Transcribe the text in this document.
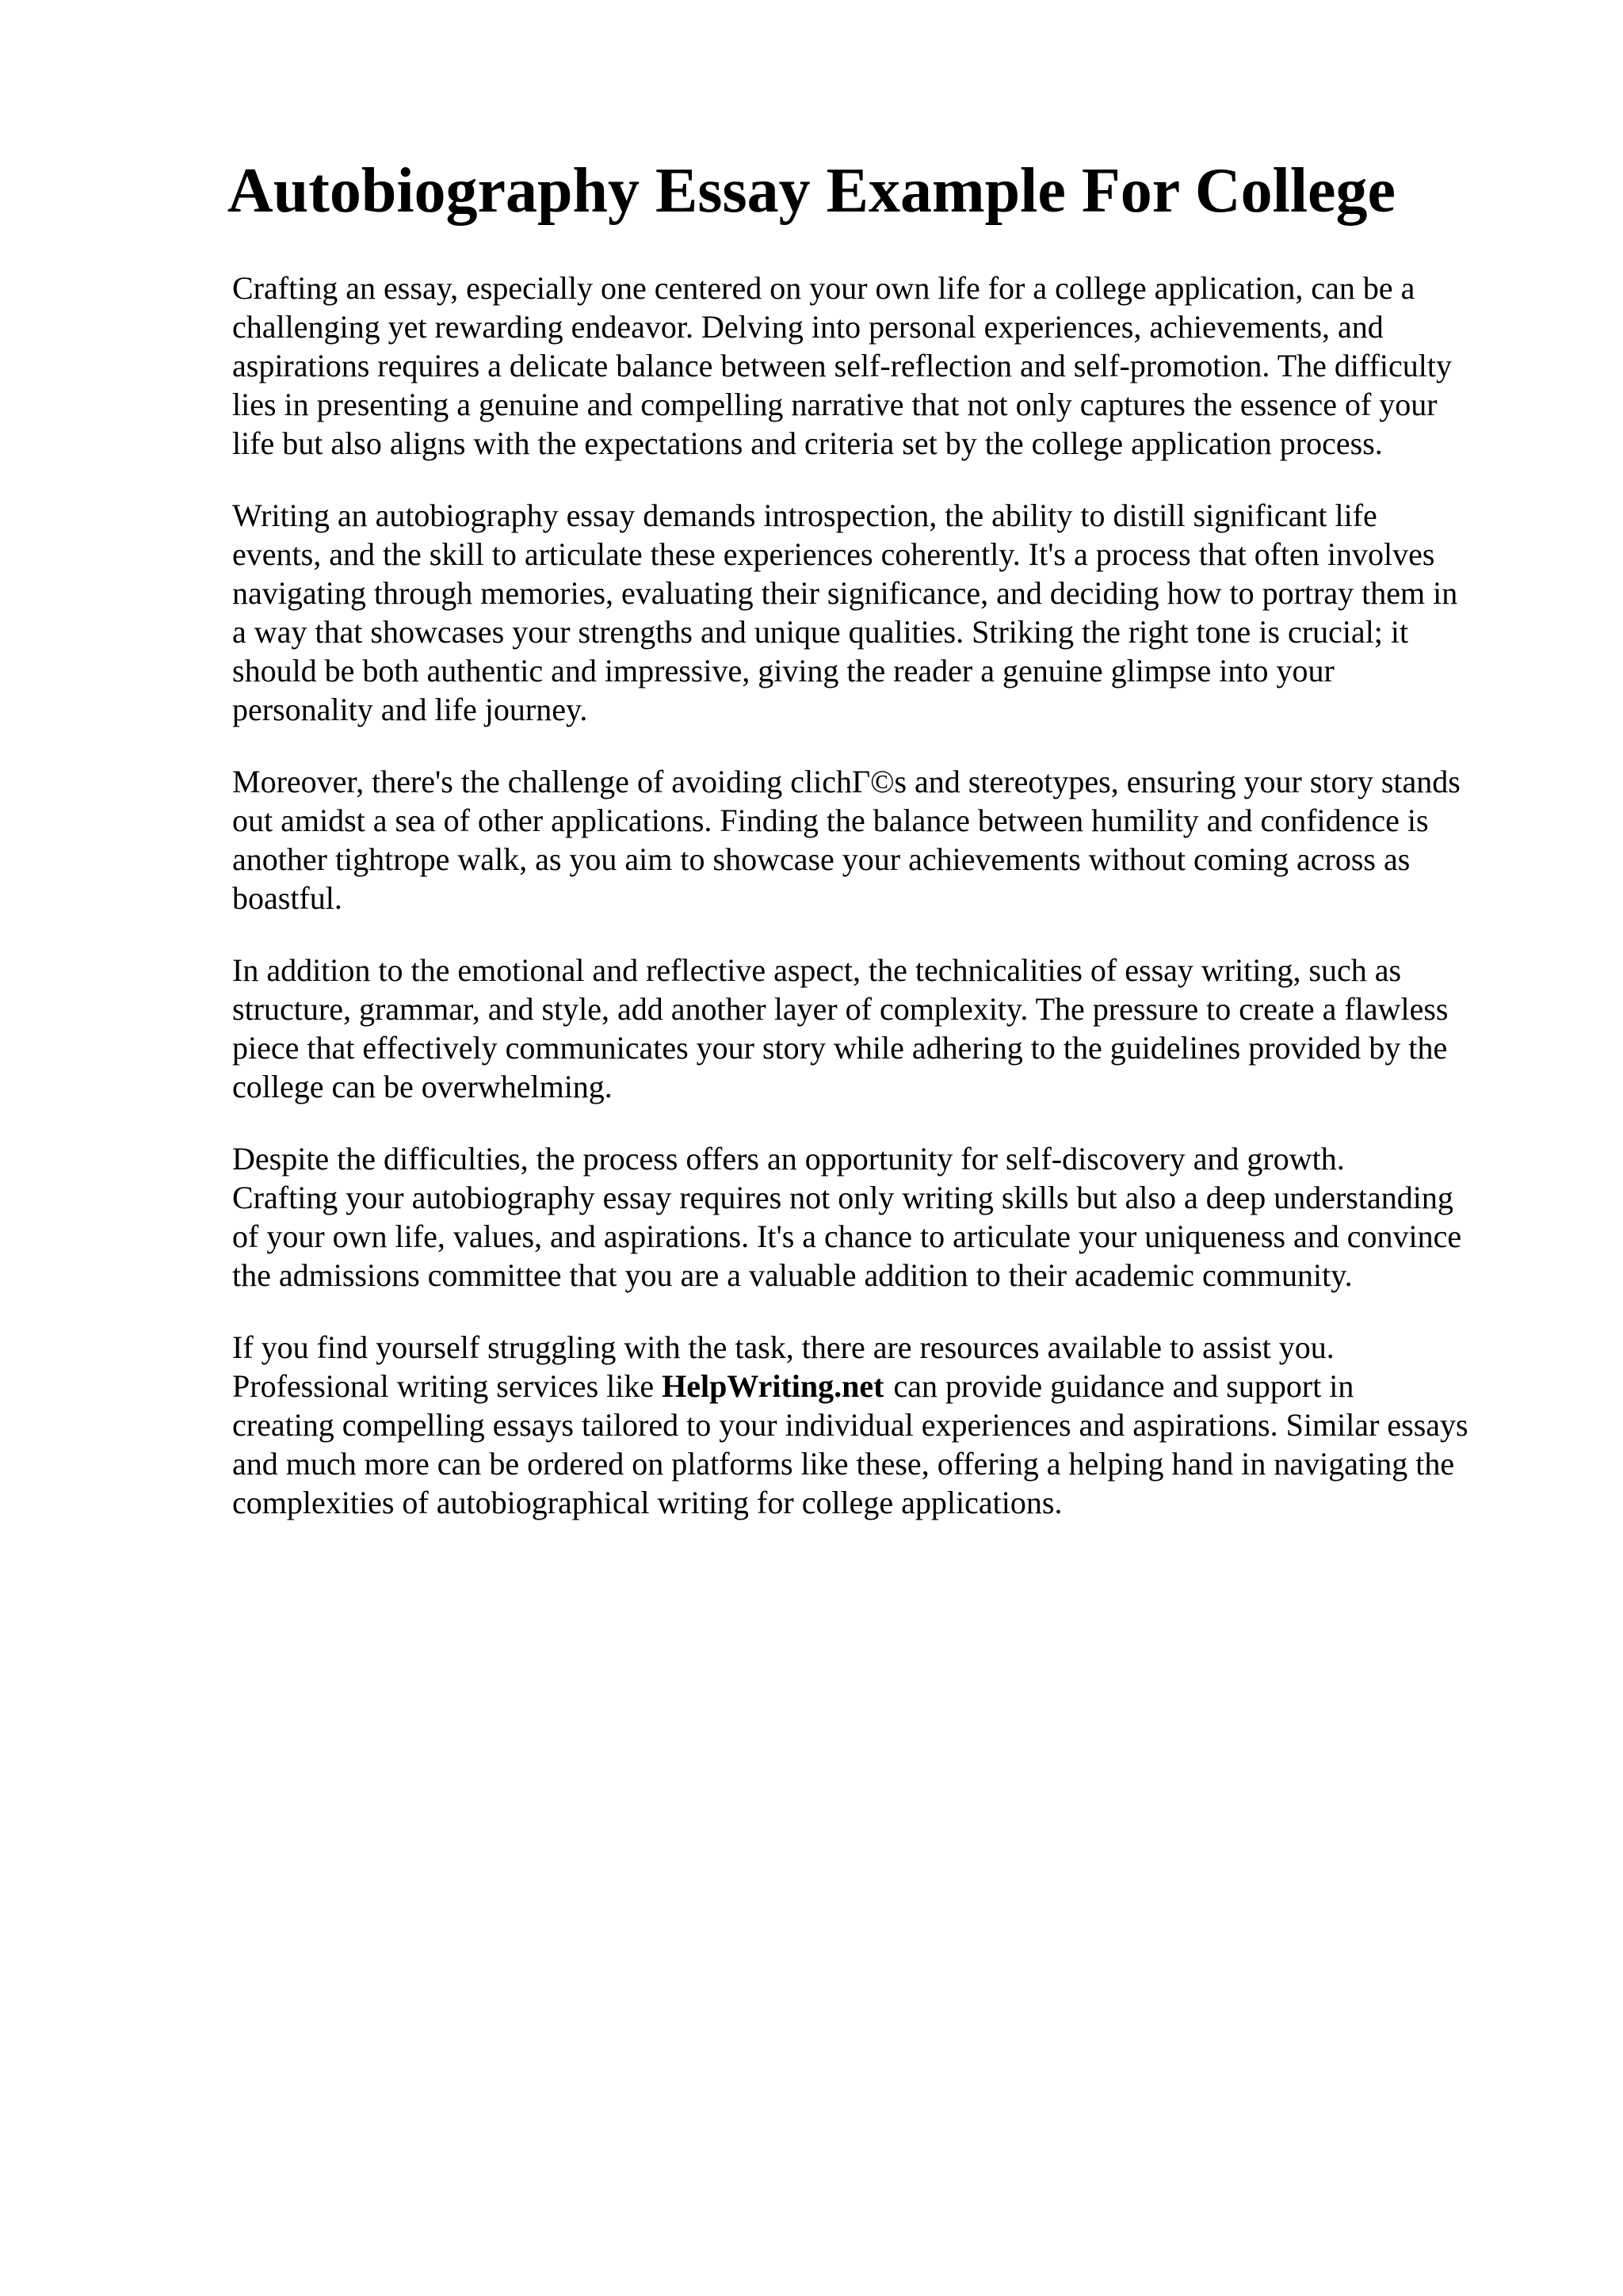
Autobiography Essay Example For College

Crafting an essay, especially one centered on your own life for a college application, can be a
challenging yet rewarding endeavor. Delving into personal experiences, achievements, and
aspirations requires a delicate balance between self-reflection and self-promotion. The difficulty
lies in presenting a genuine and compelling narrative that not only captures the essence of your
life but also aligns with the expectations and criteria set by the college application process.

Writing an autobiography essay demands introspection, the ability to distill significant life
events, and the skill to articulate these experiences coherently. It's a process that often involves
navigating through memories, evaluating their significance, and deciding how to portray them in
a way that showcases your strengths and unique qualities. Striking the right tone is crucial; it
should be both authentic and impressive, giving the reader a genuine glimpse into your
personality and life journey.

Moreover, there's the challenge of avoiding clichΓ©s and stereotypes, ensuring your story stands
out amidst a sea of other applications. Finding the balance between humility and confidence is
another tightrope walk, as you aim to showcase your achievements without coming across as
boastful.

In addition to the emotional and reflective aspect, the technicalities of essay writing, such as
structure, grammar, and style, add another layer of complexity. The pressure to create a flawless
piece that effectively communicates your story while adhering to the guidelines provided by the
college can be overwhelming.

Despite the difficulties, the process offers an opportunity for self-discovery and growth.
Crafting your autobiography essay requires not only writing skills but also a deep understanding
of your own life, values, and aspirations. It's a chance to articulate your uniqueness and convince
the admissions committee that you are a valuable addition to their academic community.

If you find yourself struggling with the task, there are resources available to assist you.
Professional writing services like HelpWriting.net can provide guidance and support in
creating compelling essays tailored to your individual experiences and aspirations. Similar essays
and much more can be ordered on platforms like these, offering a helping hand in navigating the
complexities of autobiographical writing for college applications.
